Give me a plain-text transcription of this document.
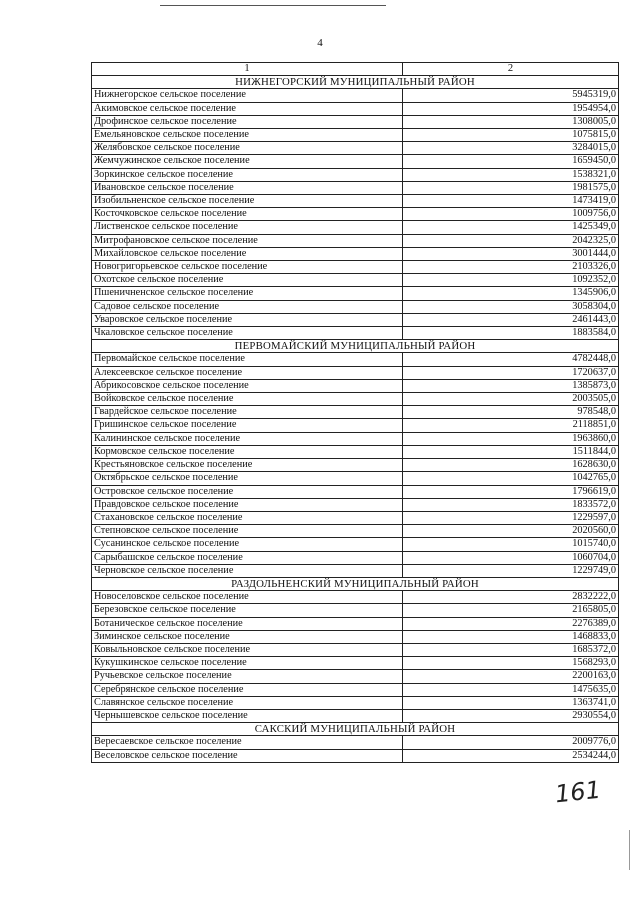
4
1	2
НИЖНЕГОРСКИЙ МУНИЦИПАЛЬНЫЙ РАЙОН	
Нижнегорское сельское поселение	5945319,0
Акимовское сельское поселение	1954954,0
Дрофинское сельское поселение	1308005,0
Емельяновское сельское поселение	1075815,0
Желябовское сельское поселение	3284015,0
Жемчужинское сельское поселение	1659450,0
Зоркинское сельское поселение	1538321,0
Ивановское сельское поселение	1981575,0
Изобильненское сельское поселение	1473419,0
Косточковское сельское поселение	1009756,0
Лиственское сельское поселение	1425349,0
Митрофановское сельское поселение	2042325,0
Михайловское сельское поселение	3001444,0
Новогригорьевское сельское поселение	2103326,0
Охотское сельское поселение	1092352,0
Пшеничненское сельское поселение	1345906,0
Садовое сельское поселение	3058304,0
Уваровское сельское поселение	2461443,0
Чкаловское сельское поселение	1883584,0
ПЕРВОМАЙСКИЙ МУНИЦИПАЛЬНЫЙ РАЙОН	
Первомайское сельское поселение	4782448,0
Алексеевское сельское поселение	1720637,0
Абрикосовское сельское поселение	1385873,0
Войковское сельское поселение	2003505,0
Гвардейское сельское поселение	978548,0
Гришинское сельское поселение	2118851,0
Калининское сельское поселение	1963860,0
Кормовское сельское поселение	1511844,0
Крестьяновское сельское поселение	1628630,0
Октябрьское сельское поселение	1042765,0
Островское сельское поселение	1796619,0
Правдовское сельское поселение	1833572,0
Стахановское сельское поселение	1229597,0
Степновское сельское поселение	2020560,0
Сусанинское сельское поселение	1015740,0
Сарыбашское сельское поселение	1060704,0
Черновское сельское поселение	1229749,0
РАЗДОЛЬНЕНСКИЙ МУНИЦИПАЛЬНЫЙ РАЙОН	
Новоселовское сельское поселение	2832222,0
Березовское сельское поселение	2165805,0
Ботаническое сельское поселение	2276389,0
Зиминское сельское поселение	1468833,0
Ковыльновское сельское поселение	1685372,0
Кукушкинское сельское поселение	1568293,0
Ручьевское сельское поселение	2200163,0
Серебрянское сельское поселение	1475635,0
Славянское сельское поселение	1363741,0
Чернышевское сельское поселение	2930554,0
САКСКИЙ МУНИЦИПАЛЬНЫЙ РАЙОН	
Вересаевское сельское поселение	2009776,0
Веселовское сельское поселение	2534244,0
161
